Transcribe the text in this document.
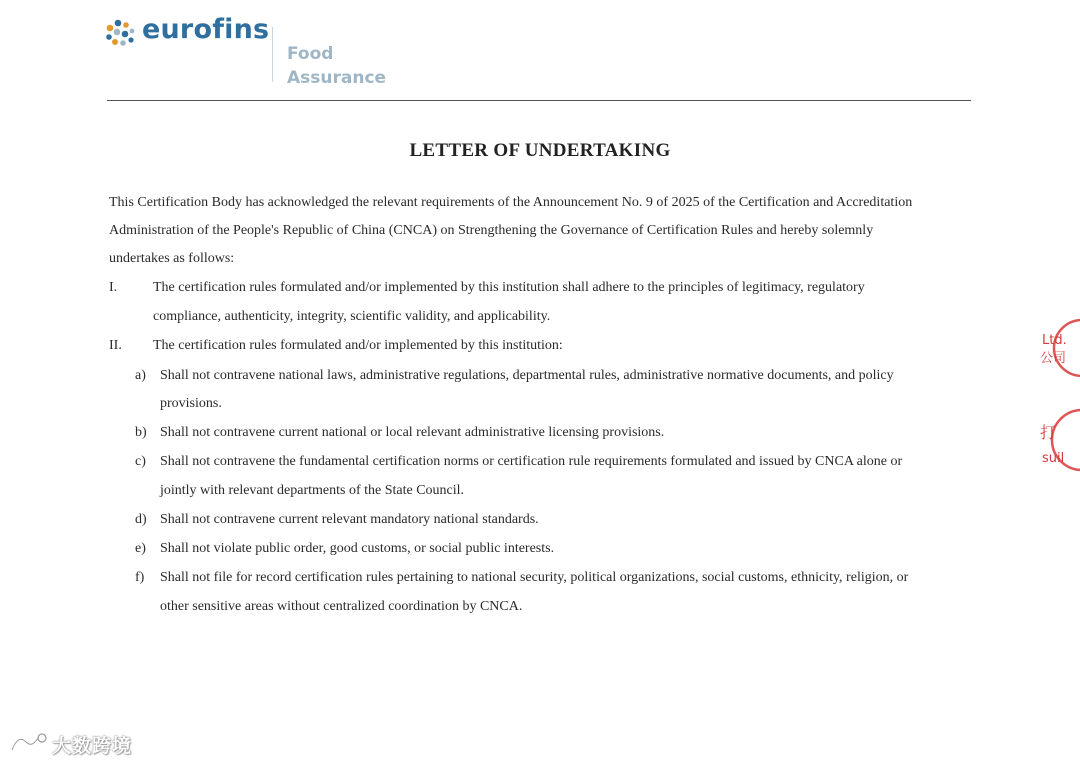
eurofins
Food
Assurance
LETTER OF UNDERTAKING
This Certification Body has acknowledged the relevant requirements of the Announcement No. 9 of 2025 of the Certification and Accreditation
Administration of the People's Republic of China (CNCA) on Strengthening the Governance of Certification Rules and hereby solemnly
undertakes as follows:
I.	The certification rules formulated and/or implemented by this institution shall adhere to the principles of legitimacy, regulatory
compliance, authenticity, integrity, scientific validity, and applicability.
II. The certification rules formulated and/or implemented by this institution:
a) Shall not contravene national laws, administrative regulations, departmental rules, administrative normative documents, and policy
provisions.
b) Shall not contravene current national or local relevant administrative licensing provisions.
c) Shall not contravene the fundamental certification norms or certification rule requirements formulated and issued by CNCA alone or
jointly with relevant departments of the State Council.
d) Shall not contravene current relevant mandatory national standards.
e) Shall not violate public order, good customs, or social public interests.
f) Shall not file for record certification rules pertaining to national security, political organizations, social customs, ethnicity, religion, or
other sensitive areas without centralized coordination by CNCA.
Ltd.
公司
打
suil
大数跨境
